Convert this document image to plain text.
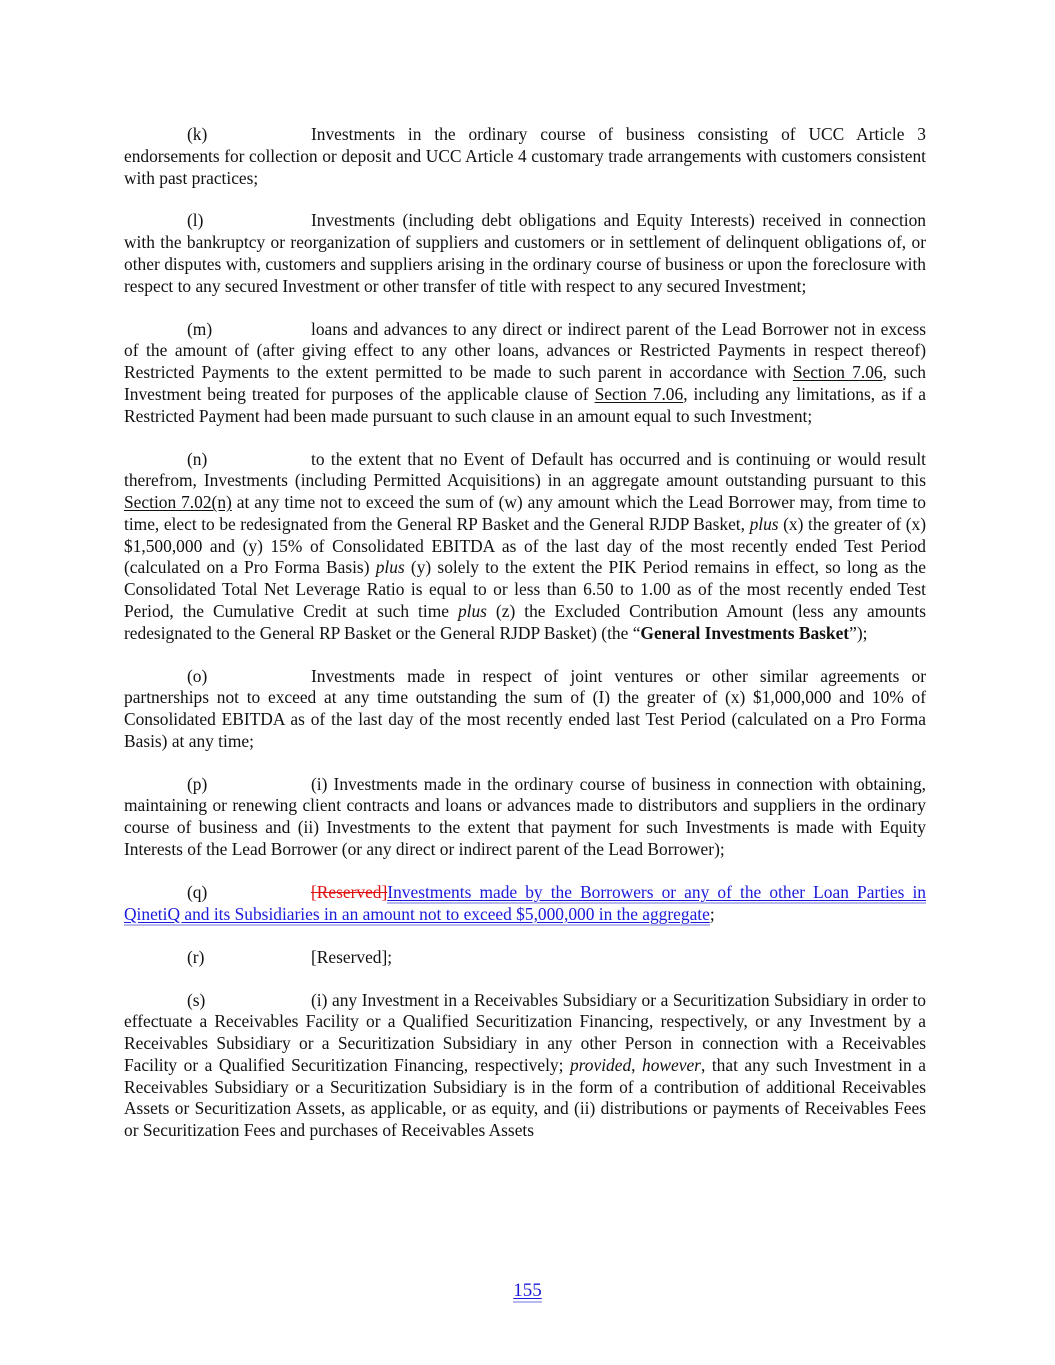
(k)	Investments in the ordinary course of business consisting of UCC Article 3 endorsements for collection or deposit and UCC Article 4 customary trade arrangements with customers consistent with past practices;

(l)	Investments (including debt obligations and Equity Interests) received in connection with the bankruptcy or reorganization of suppliers and customers or in settlement of delinquent obligations of, or other disputes with, customers and suppliers arising in the ordinary course of business or upon the foreclosure with respect to any secured Investment or other transfer of title with respect to any secured Investment;

(m)	loans and advances to any direct or indirect parent of the Lead Borrower not in excess of the amount of (after giving effect to any other loans, advances or Restricted Payments in respect thereof) Restricted Payments to the extent permitted to be made to such parent in accordance with Section 7.06, such Investment being treated for purposes of the applicable clause of Section 7.06, including any limitations, as if a Restricted Payment had been made pursuant to such clause in an amount equal to such Investment;

(n)	to the extent that no Event of Default has occurred and is continuing or would result therefrom, Investments (including Permitted Acquisitions) in an aggregate amount outstanding pursuant to this Section 7.02(n) at any time not to exceed the sum of (w) any amount which the Lead Borrower may, from time to time, elect to be redesignated from the General RP Basket and the General RJDP Basket, plus (x) the greater of (x) $1,500,000 and (y) 15% of Consolidated EBITDA as of the last day of the most recently ended Test Period (calculated on a Pro Forma Basis) plus (y) solely to the extent the PIK Period remains in effect, so long as the Consolidated Total Net Leverage Ratio is equal to or less than 6.50 to 1.00 as of the most recently ended Test Period, the Cumulative Credit at such time plus (z) the Excluded Contribution Amount (less any amounts redesignated to the General RP Basket or the General RJDP Basket) (the “General Investments Basket”);

(o)	Investments made in respect of joint ventures or other similar agreements or partnerships not to exceed at any time outstanding the sum of (I) the greater of (x) $1,000,000 and 10% of Consolidated EBITDA as of the last day of the most recently ended last Test Period (calculated on a Pro Forma Basis) at any time;

(p)	(i) Investments made in the ordinary course of business in connection with obtaining, maintaining or renewing client contracts and loans or advances made to distributors and suppliers in the ordinary course of business and (ii) Investments to the extent that payment for such Investments is made with Equity Interests of the Lead Borrower (or any direct or indirect parent of the Lead Borrower);

(q)	[Reserved]Investments made by the Borrowers or any of the other Loan Parties in QinetiQ and its Subsidiaries in an amount not to exceed $5,000,000 in the aggregate;

(r)	[Reserved];

(s)	(i) any Investment in a Receivables Subsidiary or a Securitization Subsidiary in order to effectuate a Receivables Facility or a Qualified Securitization Financing, respectively, or any Investment by a Receivables Subsidiary or a Securitization Subsidiary in any other Person in connection with a Receivables Facility or a Qualified Securitization Financing, respectively; provided, however, that any such Investment in a Receivables Subsidiary or a Securitization Subsidiary is in the form of a contribution of additional Receivables Assets or Securitization Assets, as applicable, or as equity, and (ii) distributions or payments of Receivables Fees or Securitization Fees and purchases of Receivables Assets

155
